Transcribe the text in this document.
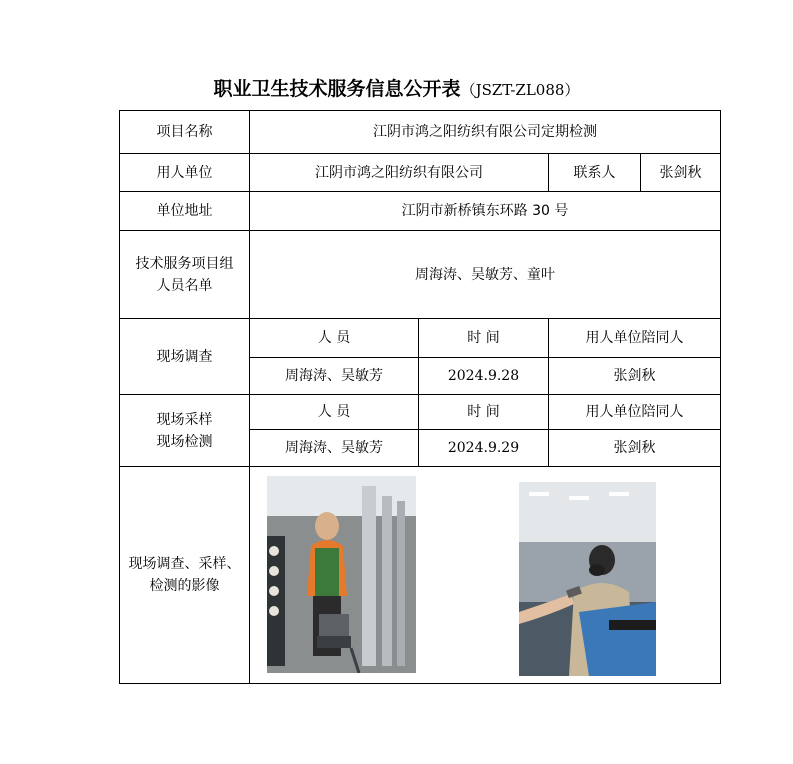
职业卫生技术服务信息公开表（JSZT-ZL088）
项目名称	江阴市鸿之阳纺织有限公司定期检测			
用人单位	江阴市鸿之阳纺织有限公司		联系人	张剑秋
单位地址	江阴市新桥镇东环路 30 号			

技术服务项目组
人员名单	周海涛、吴敏芳、童叶			
现场调查	人 员	时 间	用人单位陪同人	
	周海涛、吴敏芳	2024.9.28	张剑秋	

现场采样
现场检测	人 员	时 间	用人单位陪同人	
	周海涛、吴敏芳	2024.9.29	张剑秋	

现场调查、采样、
检测的影像
